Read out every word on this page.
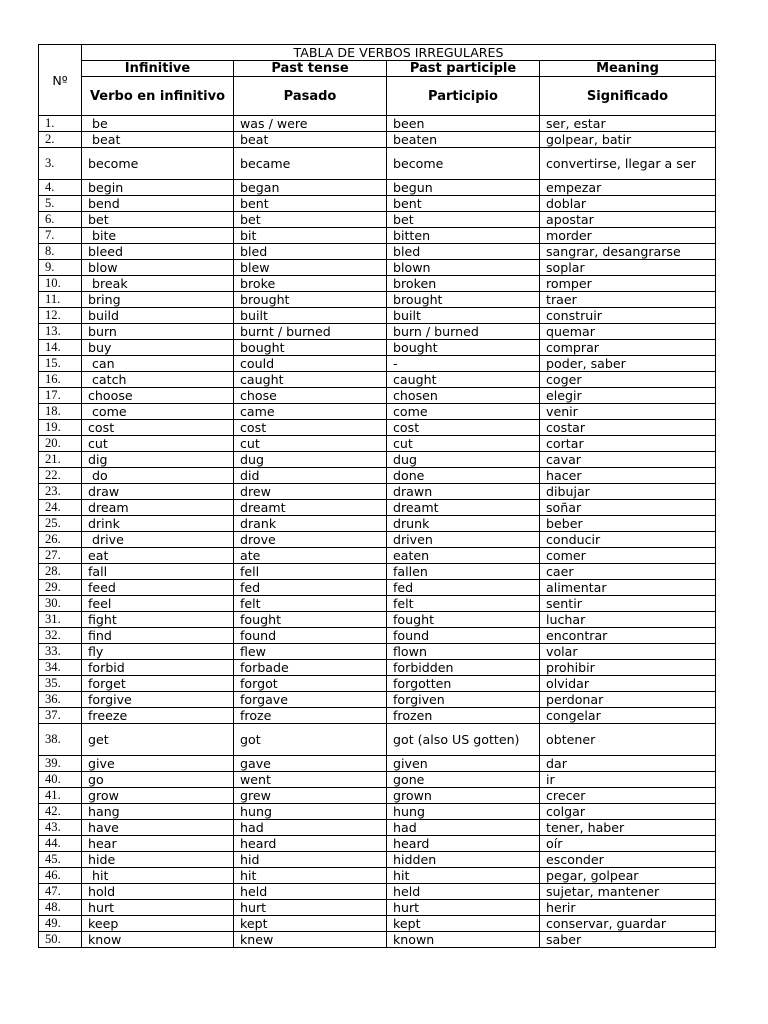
Nº	TABLA DE VERBOS IRREGULARES			
	Infinitive	Past tense	Past participle	Meaning
	Verbo en infinitivo	Pasado	Participio	Significado
1.	be	was / were	been	ser, estar
2.	beat	beat	beaten	golpear, batir
3.	become	became	become	convertirse, llegar a ser
4.	begin	began	begun	empezar
5.	bend	bent	bent	doblar
6.	bet	bet	bet	apostar
7.	bite	bit	bitten	morder
8.	bleed	bled	bled	sangrar, desangrarse
9.	blow	blew	blown	soplar
10.	break	broke	broken	romper
11.	bring	brought	brought	traer
12.	build	built	built	construir
13.	burn	burnt / burned	burn / burned	quemar
14.	buy	bought	bought	comprar
15.	can	could	-	poder, saber
16.	catch	caught	caught	coger
17.	choose	chose	chosen	elegir
18.	come	came	come	venir
19.	cost	cost	cost	costar
20.	cut	cut	cut	cortar
21.	dig	dug	dug	cavar
22.	do	did	done	hacer
23.	draw	drew	drawn	dibujar
24.	dream	dreamt	dreamt	soñar
25.	drink	drank	drunk	beber
26.	drive	drove	driven	conducir
27.	eat	ate	eaten	comer
28.	fall	fell	fallen	caer
29.	feed	fed	fed	alimentar
30.	feel	felt	felt	sentir
31.	fight	fought	fought	luchar
32.	find	found	found	encontrar
33.	fly	flew	flown	volar
34.	forbid	forbade	forbidden	prohibir
35.	forget	forgot	forgotten	olvidar
36.	forgive	forgave	forgiven	perdonar
37.	freeze	froze	frozen	congelar
38.	get	got	got (also US gotten)	obtener
39.	give	gave	given	dar
40.	go	went	gone	ir
41.	grow	grew	grown	crecer
42.	hang	hung	hung	colgar
43.	have	had	had	tener, haber
44.	hear	heard	heard	oír
45.	hide	hid	hidden	esconder
46.	hit	hit	hit	pegar, golpear
47.	hold	held	held	sujetar, mantener
48.	hurt	hurt	hurt	herir
49.	keep	kept	kept	conservar, guardar
50.	know	knew	known	saber
